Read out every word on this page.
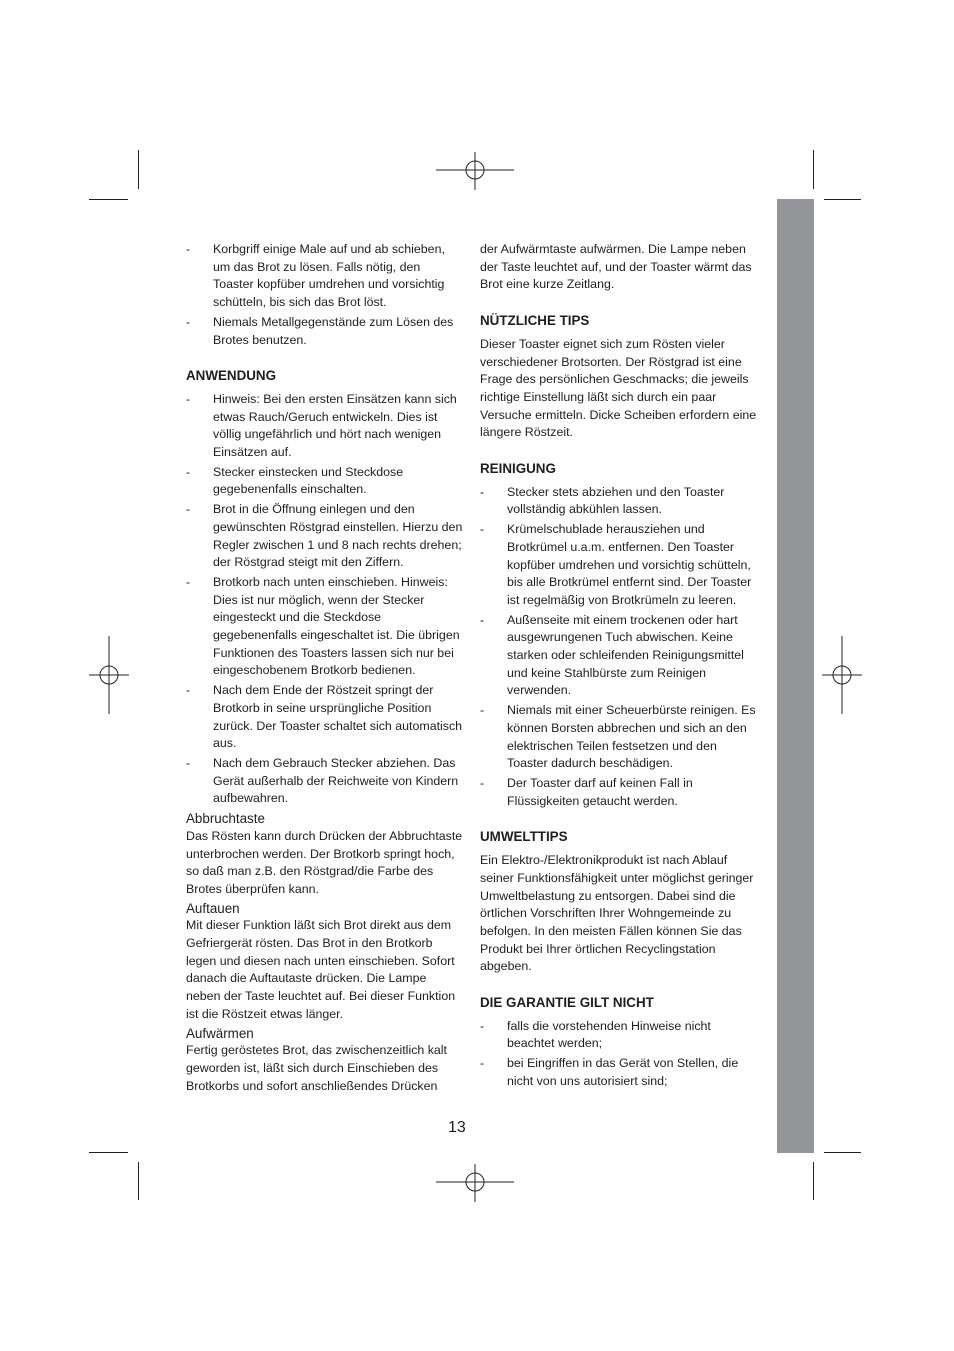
-	Korbgriff einige Male auf und ab schieben, um das Brot zu lösen. Falls nötig, den Toaster kopfüber umdrehen und vorsichtig schütteln, bis sich das Brot löst.
-	Niemals Metallgegenstände zum Lösen des Brotes benutzen.
ANWENDUNG
-	Hinweis: Bei den ersten Einsätzen kann sich etwas Rauch/Geruch entwickeln. Dies ist völlig ungefährlich und hört nach wenigen Einsätzen auf.
-	Stecker einstecken und Steckdose gegebenenfalls einschalten.
-	Brot in die Öffnung einlegen und den gewünschten Röstgrad einstellen. Hierzu den Regler zwischen 1 und 8 nach rechts drehen; der Röstgrad steigt mit den Ziffern.
-	Brotkorb nach unten einschieben. Hinweis: Dies ist nur möglich, wenn der Stecker eingesteckt und die Steckdose gegebenenfalls eingeschaltet ist. Die übrigen Funktionen des Toasters lassen sich nur bei eingeschobenem Brotkorb bedienen.
-	Nach dem Ende der Röstzeit springt der Brotkorb in seine ursprüngliche Position zurück. Der Toaster schaltet sich automatisch aus.
-	Nach dem Gebrauch Stecker abziehen. Das Gerät außerhalb der Reichweite von Kindern aufbewahren.
Abbruchtaste

Das Rösten kann durch Drücken der Abbruchtaste unterbrochen werden. Der Brotkorb springt hoch, so daß man z.B. den Röstgrad/die Farbe des Brotes überprüfen kann.

Auftauen

Mit dieser Funktion läßt sich Brot direkt aus dem Gefriergerät rösten. Das Brot in den Brotkorb legen und diesen nach unten einschieben. Sofort danach die Auftautaste drücken. Die Lampe neben der Taste leuchtet auf. Bei dieser Funktion ist die Röstzeit etwas länger.

Aufwärmen

Fertig geröstetes Brot, das zwischenzeitlich kalt geworden ist, läßt sich durch Einschieben des Brotkorbs und sofort anschließendes Drücken

der Aufwärmtaste aufwärmen. Die Lampe neben der Taste leuchtet auf, und der Toaster wärmt das Brot eine kurze Zeitlang.

NÜTZLICHE TIPS

Dieser Toaster eignet sich zum Rösten vieler verschiedener Brotsorten. Der Röstgrad ist eine Frage des persönlichen Geschmacks; die jeweils richtige Einstellung läßt sich durch ein paar Versuche ermitteln. Dicke Scheiben erfordern eine längere Röstzeit.

REINIGUNG
-	Stecker stets abziehen und den Toaster vollständig abkühlen lassen.
-	Krümelschublade herausziehen und Brotkrümel u.a.m. entfernen. Den Toaster kopfüber umdrehen und vorsichtig schütteln, bis alle Brotkrümel entfernt sind. Der Toaster ist regelmäßig von Brotkrümeln zu leeren.
-	Außenseite mit einem trockenen oder hart ausgewrungenen Tuch abwischen. Keine starken oder schleifenden Reinigungsmittel und keine Stahlbürste zum Reinigen verwenden.
-	Niemals mit einer Scheuerbürste reinigen. Es können Borsten abbrechen und sich an den elektrischen Teilen festsetzen und den Toaster dadurch beschädigen.
-	Der Toaster darf auf keinen Fall in Flüssigkeiten getaucht werden.
UMWELTTIPS

Ein Elektro-/Elektronikprodukt ist nach Ablauf seiner Funktionsfähigkeit unter möglichst geringer Umweltbelastung zu entsorgen. Dabei sind die örtlichen Vorschriften Ihrer Wohngemeinde zu befolgen. In den meisten Fällen können Sie das Produkt bei Ihrer örtlichen Recyclingstation abgeben.

DIE GARANTIE GILT NICHT
-	falls die vorstehenden Hinweise nicht beachtet werden;
-	bei Eingriffen in das Gerät von Stellen, die nicht von uns autorisiert sind;
13
